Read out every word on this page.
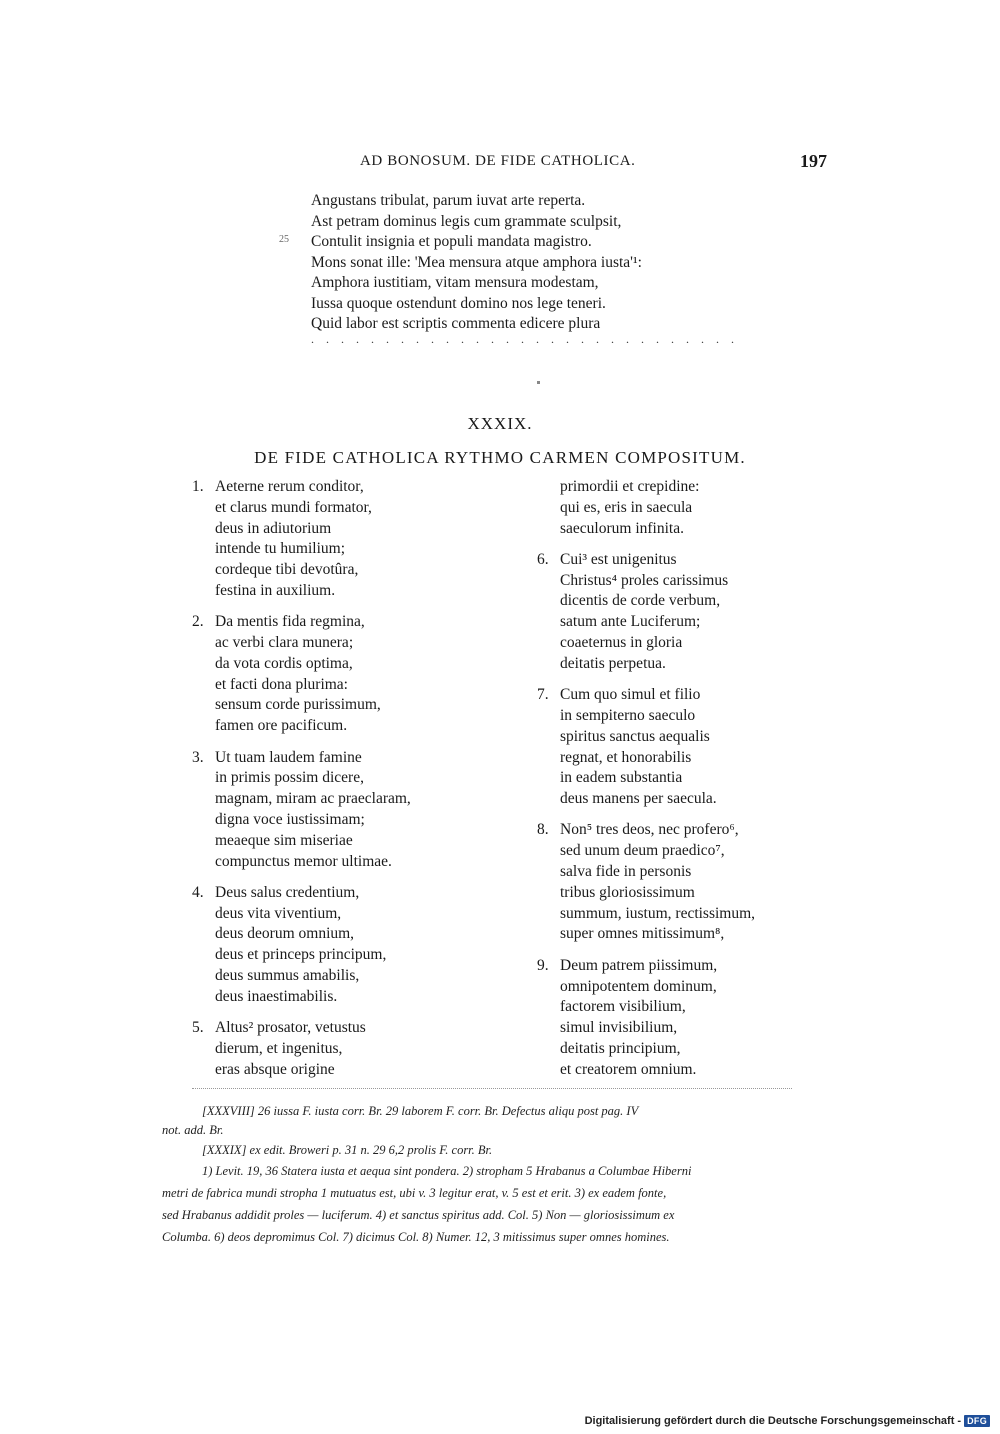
AD BONOSUM. DE FIDE CATHOLICA.	197
Angustans tribulat, parum iuvat arte reperta.
Ast petram dominus legis cum grammate sculpsit,
Contulit insignia et populi mandata magistro.
Mons sonat ille: 'Mea mensura atque amphora iusta'¹:
Amphora iustitiam, vitam mensura modestam,
Iussa quoque ostendunt domino nos lege teneri.
Quid labor est scriptis commenta edicere plura
25
. . . . . . . . . . . . . . . . . . . . . . . . . . . . .
XXXIX.
DE FIDE CATHOLICA RYTHMO CARMEN COMPOSITUM.
1. Aeterne rerum conditor,
et clarus mundi formator,
deus in adiutorium
intende tu humilium;
cordeque tibi devotûra,
festina in auxilium.
2. Da mentis fida regmina,
ac verbi clara munera;
da vota cordis optima,
et facti dona plurima:
sensum corde purissimum,
famen ore pacificum.
3. Ut tuam laudem famine
in primis possim dicere,
magnam, miram ac praeclaram,
digna voce iustissimam;
meaeque sim miseriae
compunctus memor ultimae.
4. Deus salus credentium,
deus vita viventium,
deus deorum omnium,
deus et princeps principum,
deus summus amabilis,
deus inaestimabilis.
5. Altus² prosator, vetustus
dierum, et ingenitus,
eras absque origine
primordii et crepidine:
qui es, eris in saecula
saeculorum infinita.
6. Cui³ est unigenitus
Christus⁴ proles carissimus
dicentis de corde verbum,
satum ante Luciferum;
coaeternus in gloria
deitatis perpetua.
7. Cum quo simul et filio
in sempiterno saeculo
spiritus sanctus aequalis
regnat, et honorabilis
in eadem substantia
deus manens per saecula.
8. Non⁵ tres deos, nec profero⁶,
sed unum deum praedico⁷,
salva fide in personis
tribus gloriosissimum
summum, iustum, rectissimum,
super omnes mitissimum⁸,
9. Deum patrem piissimum,
omnipotentem dominum,
factorem visibilium,
simul invisibilium,
deitatis principium,
et creatorem omnium.
[XXXVIII] 26 iussa F. iusta corr. Br. 29 laborem F. corr. Br. Defectus aliqu post pag. IV
not. add. Br.
[XXXIX] ex edit. Broweri p. 31 n. 29 6,2 prolis F. corr. Br.
1) Levit. 19, 36 Statera iusta et aequa sint pondera. 2) stropham 5 Hrabanus a Columbae Hiberni
metri de fabrica mundi stropha 1 mutuatus est, ubi v. 3 legitur erat, v. 5 est et erit. 3) ex eadem fonte,
sed Hrabanus addidit proles — luciferum. 4) et sanctus spiritus add. Col. 5) Non — gloriosissimum ex
Columba. 6) deos depromimus Col. 7) dicimus Col. 8) Numer. 12, 3 mitissimus super omnes homines.
Digitalisierung gefördert durch die Deutsche Forschungsgemeinschaft - DFG
